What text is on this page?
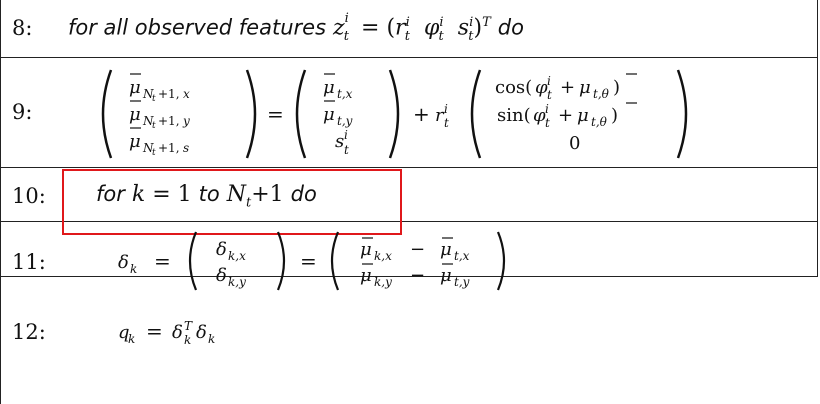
8: for all observed features $z^i_t = (r^i_t$ $\varphi^i_t$ $s^i_t)^T$ do
9:
μ N
t +1, x
μ N
t +1, y
μ N
t +1, s
=
μ t,x
μ t,y
s i
t
+ r i
t
cos( φ i
t + μ t,θ )
sin( φ i
t + μ t,θ )
0
10: for k = 1 to $N_t+1$ do
11:	δ k =	δ k,x
δ k,y
= μ k,x − μ t,x
μ k,y − μ t,y
12:	q
k = δ T
k δ k
